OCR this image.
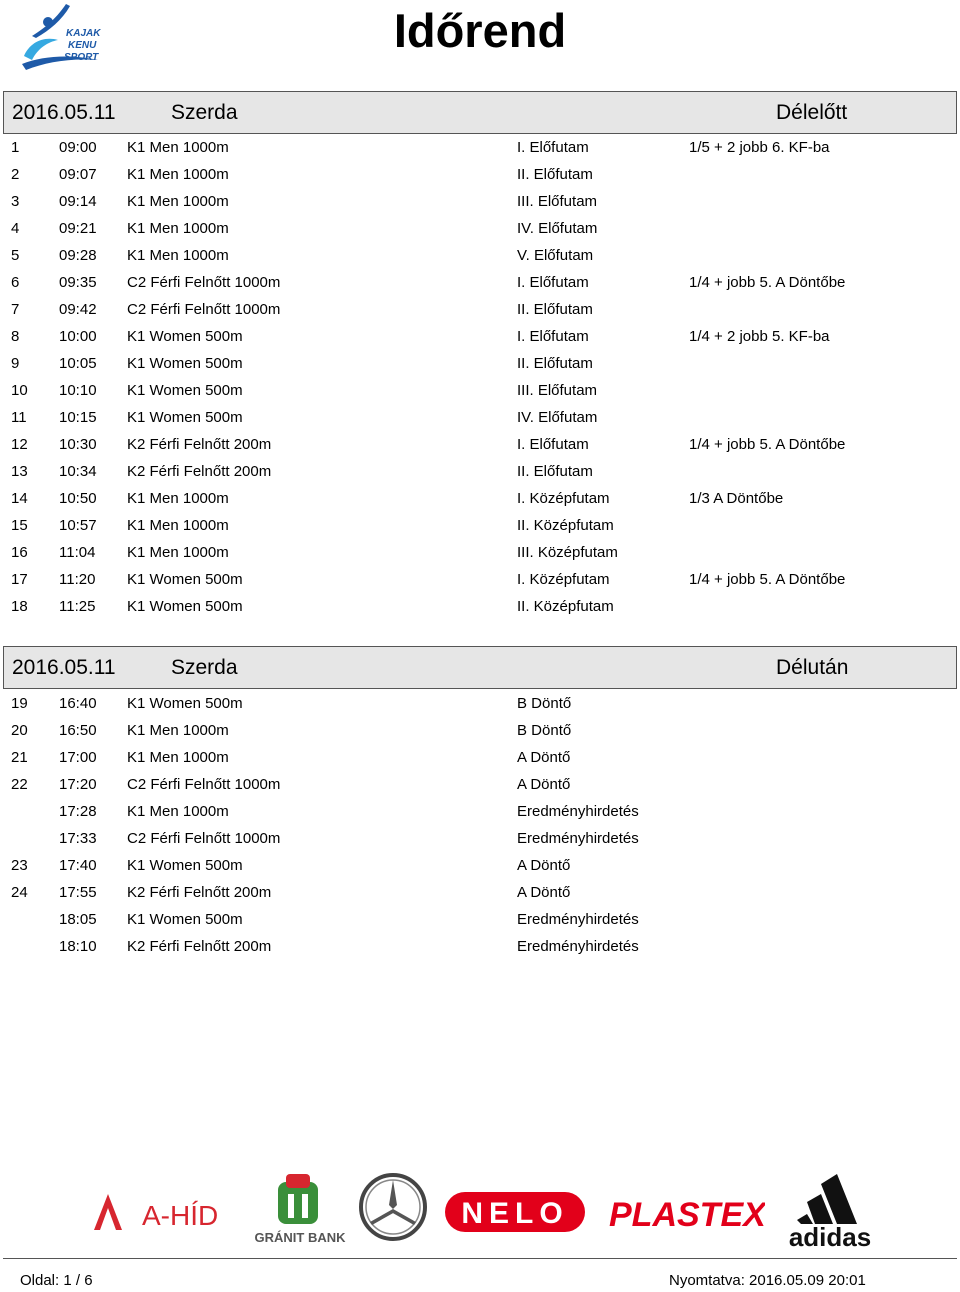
KAJAK
KENU
SPORT
Időrend
2016.05.11	Szerda	Délelőtt
1	09:00 K1 Men 1000m	I. Előfutam	1/5 + 2 jobb 6. KF-ba
2	09:07 K1 Men 1000m	II. Előfutam
3	09:14 K1 Men 1000m	III. Előfutam
4	09:21 K1 Men 1000m	IV. Előfutam
5	09:28 K1 Men 1000m	V. Előfutam
6	09:35 C2 Férfi Felnőtt 1000m	I. Előfutam	1/4 + jobb 5. A Döntőbe
7	09:42 C2 Férfi Felnőtt 1000m	II. Előfutam
8	10:00 K1 Women 500m	I. Előfutam	1/4 + 2 jobb 5. KF-ba
9	10:05 K1 Women 500m	II. Előfutam
10 10:10 K1 Women 500m	III. Előfutam
11 10:15 K1 Women 500m	IV. Előfutam
12 10:30 K2 Férfi Felnőtt 200m	I. Előfutam	1/4 + jobb 5. A Döntőbe
13 10:34 K2 Férfi Felnőtt 200m	II. Előfutam
14 10:50 K1 Men 1000m	I. Középfutam	1/3 A Döntőbe
15 10:57 K1 Men 1000m	II. Középfutam
16 11:04 K1 Men 1000m	III. Középfutam
17 11:20 K1 Women 500m	I. Középfutam	1/4 + jobb 5. A Döntőbe
18 11:25 K1 Women 500m	II. Középfutam
2016.05.11	Szerda	Délután
19 16:40 K1 Women 500m	B Döntő
20 16:50 K1 Men 1000m	B Döntő
21 17:00 K1 Men 1000m	A Döntő
22 17:20 C2 Férfi Felnőtt 1000m	A Döntő
17:28 K1 Men 1000m	Eredményhirdetés
17:33 C2 Férfi Felnőtt 1000m	Eredményhirdetés
23 17:40 K1 Women 500m	A Döntő
24 17:55 K2 Férfi Felnőtt 200m	A Döntő
18:05 K1 Women 500m	Eredményhirdetés
18:10 K2 Férfi Felnőtt 200m	Eredményhirdetés
A-HÍD
GRÁNIT BANK
NELO PLASTEX
adidas
Oldal: 1 / 6	Nyomtatva: 2016.05.09 20:01
